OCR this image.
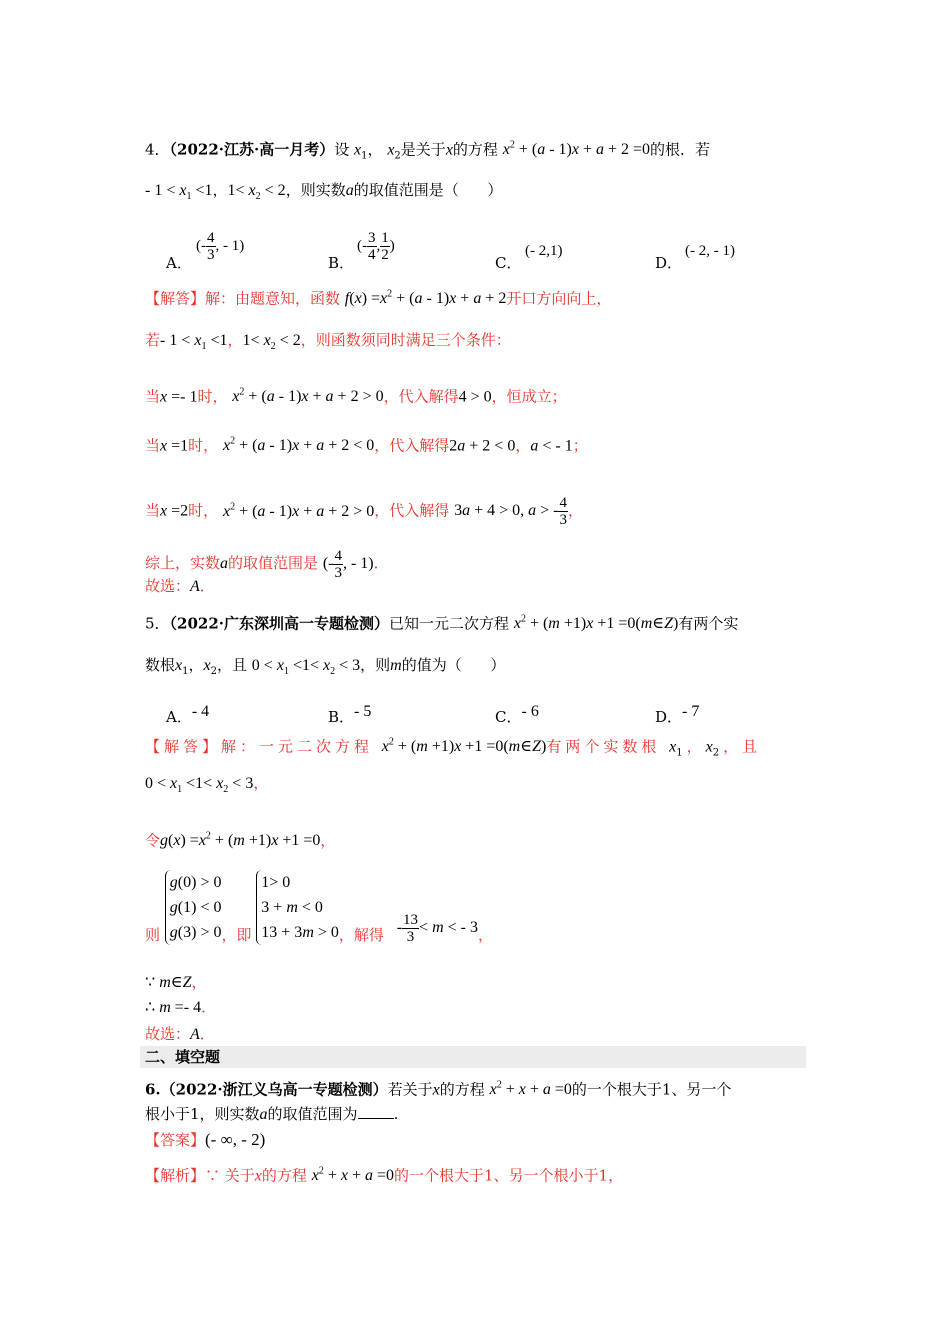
4．（2022·江苏·高一月考）设 $x_1$， $x_2$是关于x的方程 $x^2 + (a - 1)x + a + 2 =0$的根．若
- $1 < x_1 <1$，$1< x_2 < 2$，则实数a的取值范围是（      ）
A．
(- $\frac{4}{3}$ , - 1)
B．
(- $\frac{3}{4}$ , $\frac{1}{2}$ )
C．
(- 2,1)
D．
(- 2, - 1)
【解答】解：由题意知，函数 $f(x) =x^2 + (a - 1)x + a + 2$开口方向向上，
若- $1 < x_1 <1$，$1< x_2 < 2$，则函数须同时满足三个条件：
当x =- 1时， $x^2 + (a - 1)x + a + 2 > 0$，代入解得4 > 0，恒成立；
当x =1时， $x^2 + (a - 1)x + a + 2 < 0$，代入解得2a + 2 < 0，a < - 1；
当x =2时， $x^2 + (a - 1)x + a + 2 > 0$，代入解得 3a + 4 > 0, a > - $\frac{4}{3}$ ，
综上，实数a的取值范围是 (- $\frac{4}{3}$ , - 1)．
故选：A．
5．（2022·广东深圳高一专题检测）已知一元二次方程 $x^2 + (m +1)x +1$ =0(m∈Z)有两个实
数根$x_1$，$x_2$，且 $0 < x_1 <1< x_2 < 3$，则m的值为（      ）
A．- 4	B．- 5	C．- 6	D．- 7
【解答】解：一元二次方程 $x^2 + (m +1)x +1$ =0(m∈Z)有两个实数根 $x_1$，$x_2$，且
$0 < x_1 <1< x_2 < 3$，
令$g(x) =x^2 + (m +1)x +1 =0$，
则 g(0) > 0
g(1) < 0
g(3) > 0，即 1> 0
3 + m < 0
13 + 3m > 0，解得 - $\frac{13}{3} < m$ < - 3，
∵ m∈Z，
∴ m =- 4．
故选：A．
二、填空题
6.（2022·浙江义乌高一专题检测）若关于x的方程 $x^2 + x + a =0$的一个根大于1、另一个
根小于1，则实数a的取值范围为 .
【答案】(- ∞, - 2)
【解析】∵ 关于x的方程 $x^2 + x + a =0$的一个根大于1、另一个根小于1，
